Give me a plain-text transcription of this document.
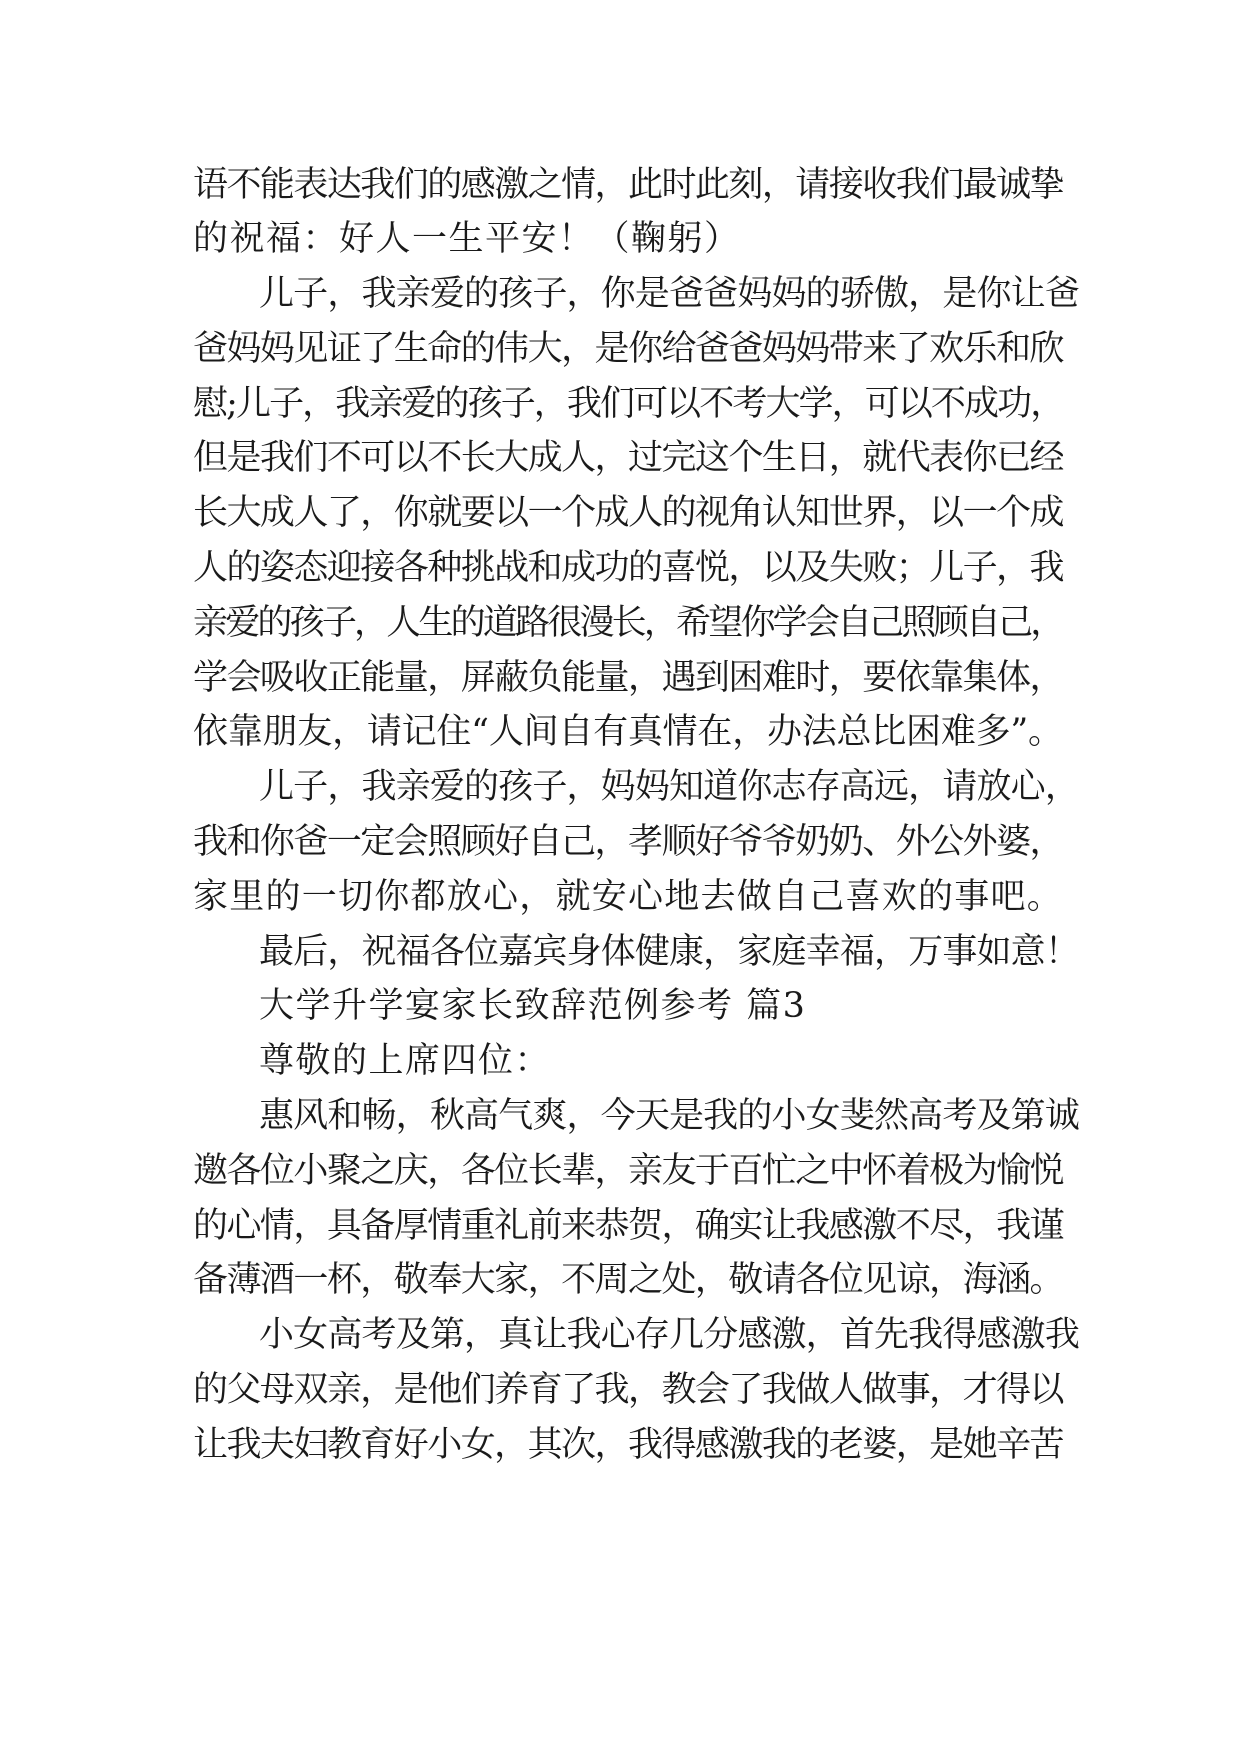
语不能表达我们的感激之情，此时此刻，请接收我们最诚挚

的祝福：好人一生平安！（鞠躬）

儿子，我亲爱的孩子，你是爸爸妈妈的骄傲，是你让爸

爸妈妈见证了生命的伟大，是你给爸爸妈妈带来了欢乐和欣

慰;儿子，我亲爱的孩子，我们可以不考大学，可以不成功，

但是我们不可以不长大成人，过完这个生日，就代表你已经

长大成人了，你就要以一个成人的视角认知世界，以一个成

人的姿态迎接各种挑战和成功的喜悦，以及失败；儿子，我

亲爱的孩子，人生的道路很漫长，希望你学会自己照顾自己，

学会吸收正能量，屏蔽负能量，遇到困难时，要依靠集体，

依靠朋友，请记住“人间自有真情在，办法总比困难多”。

儿子，我亲爱的孩子，妈妈知道你志存高远，请放心，

我和你爸一定会照顾好自己，孝顺好爷爷奶奶、外公外婆，

家里的一切你都放心，就安心地去做自己喜欢的事吧。

最后，祝福各位嘉宾身体健康，家庭幸福，万事如意！

大学升学宴家长致辞范例参考 篇3

尊敬的上席四位：

惠风和畅，秋高气爽，今天是我的小女斐然高考及第诚

邀各位小聚之庆，各位长辈，亲友于百忙之中怀着极为愉悦

的心情，具备厚情重礼前来恭贺，确实让我感激不尽，我谨

备薄酒一杯，敬奉大家，不周之处，敬请各位见谅，海涵。

小女高考及第，真让我心存几分感激，首先我得感激我

的父母双亲，是他们养育了我，教会了我做人做事，才得以

让我夫妇教育好小女，其次，我得感激我的老婆，是她辛苦
